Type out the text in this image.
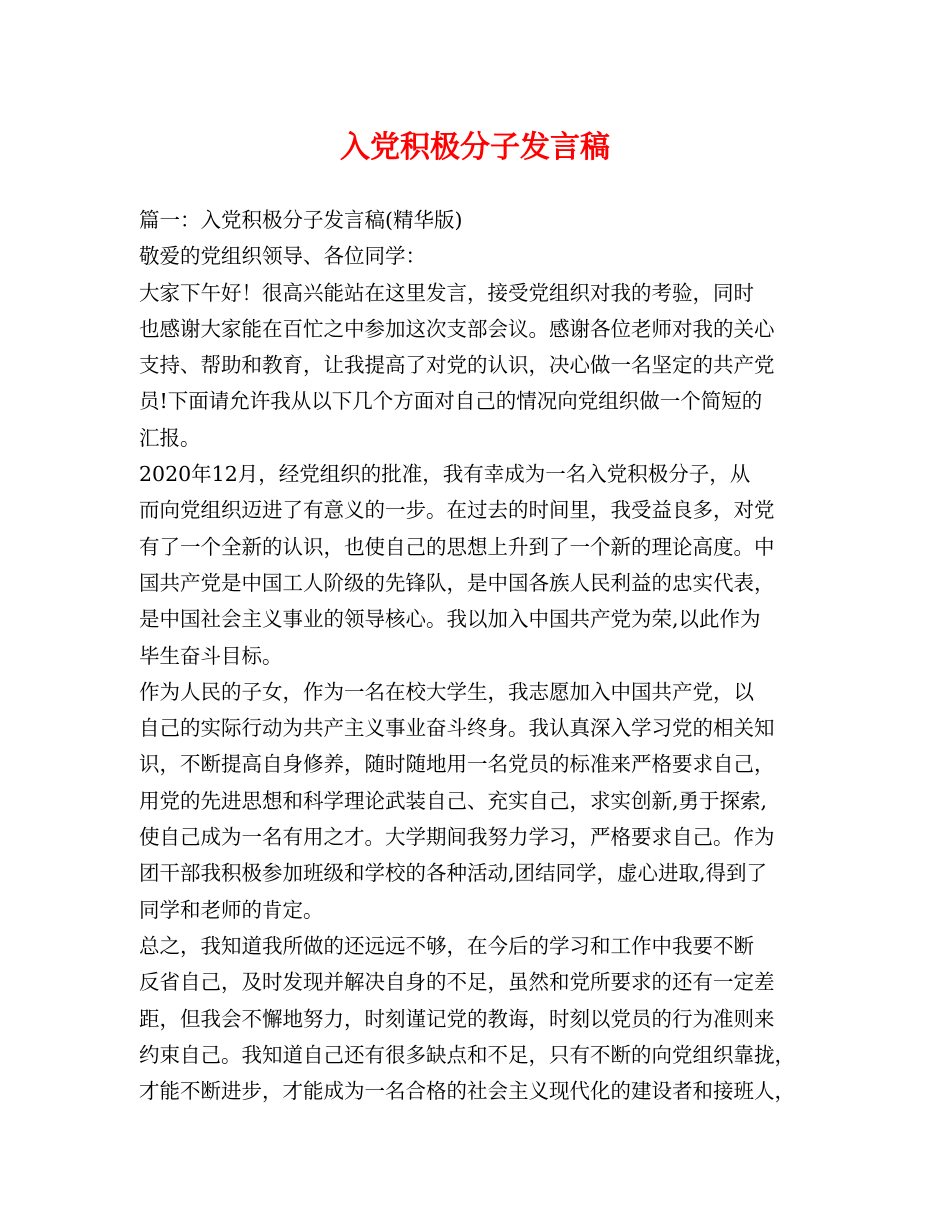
入党积极分子发言稿

篇一：入党积极分子发言稿(精华版)

敬爱的党组织领导、各位同学：

大家下午好！很高兴能站在这里发言，接受党组织对我的考验，同时
也感谢大家能在百忙之中参加这次支部会议。感谢各位老师对我的关心
支持、帮助和教育，让我提高了对党的认识，决心做一名坚定的共产党
员!下面请允许我从以下几个方面对自己的情况向党组织做一个简短的
汇报。

2020年12月，经党组织的批准，我有幸成为一名入党积极分子，从
而向党组织迈进了有意义的一步。在过去的时间里，我受益良多，对党
有了一个全新的认识，也使自己的思想上升到了一个新的理论高度。中
国共产党是中国工人阶级的先锋队，是中国各族人民利益的忠实代表，
是中国社会主义事业的领导核心。我以加入中国共产党为荣,以此作为
毕生奋斗目标。

作为人民的子女，作为一名在校大学生，我志愿加入中国共产党，以
自己的实际行动为共产主义事业奋斗终身。我认真深入学习党的相关知
识，不断提高自身修养，随时随地用一名党员的标准来严格要求自己，
用党的先进思想和科学理论武装自己、充实自己，求实创新,勇于探索,
使自己成为一名有用之才。大学期间我努力学习，严格要求自己。作为
团干部我积极参加班级和学校的各种活动,团结同学，虚心进取,得到了
同学和老师的肯定。

总之，我知道我所做的还远远不够，在今后的学习和工作中我要不断
反省自己，及时发现并解决自身的不足，虽然和党所要求的还有一定差
距，但我会不懈地努力，时刻谨记党的教诲，时刻以党员的行为准则来
约束自己。我知道自己还有很多缺点和不足，只有不断的向党组织靠拢，
才能不断进步，才能成为一名合格的社会主义现代化的建设者和接班人，
